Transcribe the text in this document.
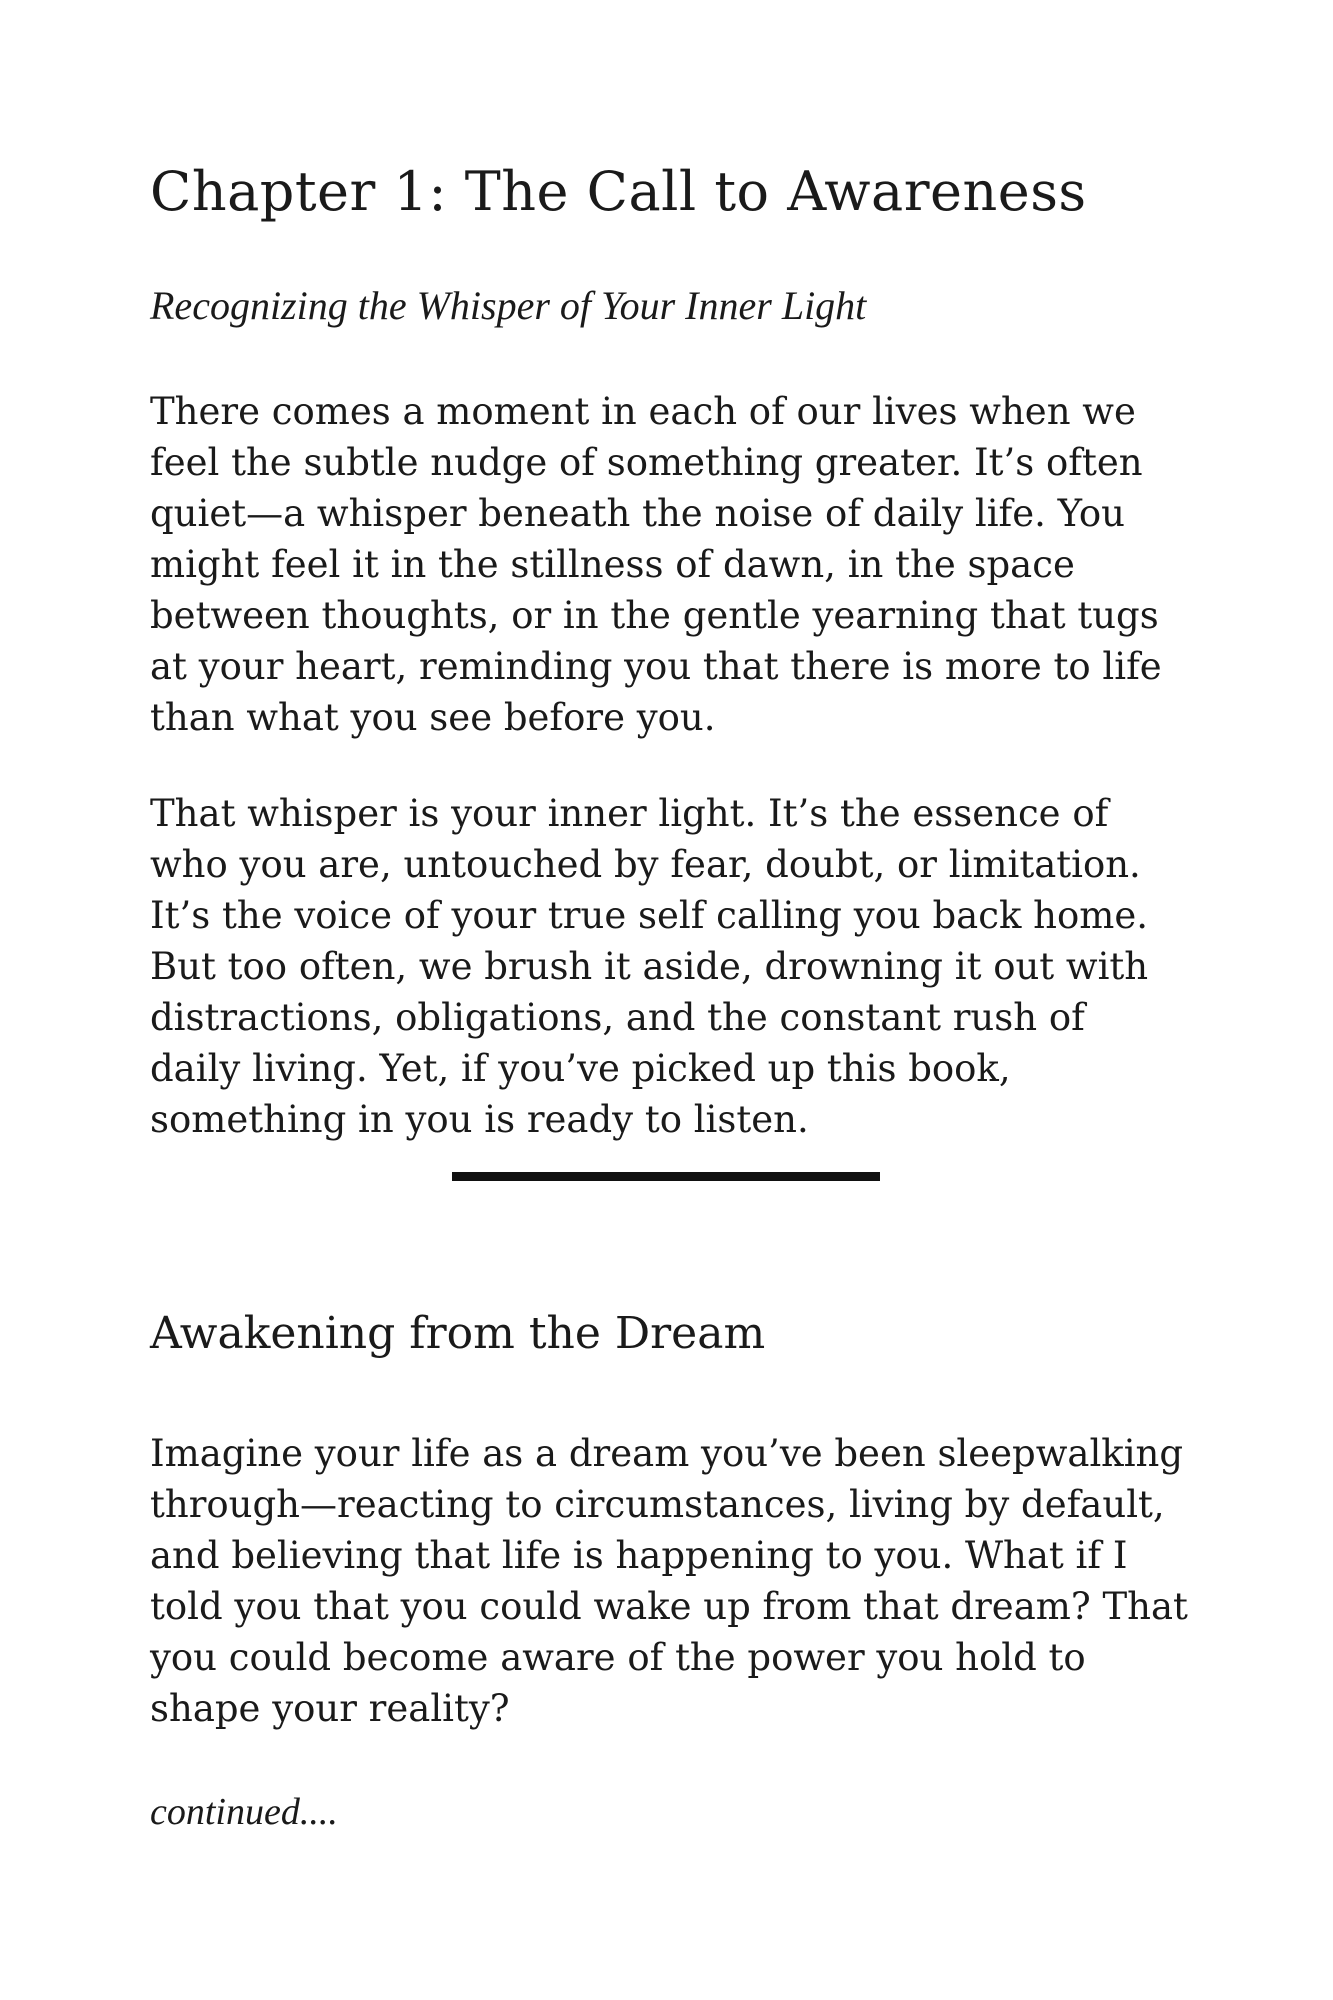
Chapter 1: The Call to Awareness
Recognizing the Whisper of Your Inner Light

There comes a moment in each of our lives when we
feel the subtle nudge of something greater. It’s often
quiet—a whisper beneath the noise of daily life. You
might feel it in the stillness of dawn, in the space
between thoughts, or in the gentle yearning that tugs
at your heart, reminding you that there is more to life
than what you see before you.

That whisper is your inner light. It’s the essence of
who you are, untouched by fear, doubt, or limitation.
It’s the voice of your true self calling you back home.
But too often, we brush it aside, drowning it out with
distractions, obligations, and the constant rush of
daily living. Yet, if you’ve picked up this book,
something in you is ready to listen.

Awakening from the Dream

Imagine your life as a dream you’ve been sleepwalking
through—reacting to circumstances, living by default,
and believing that life is happening to you. What if I
told you that you could wake up from that dream? That
you could become aware of the power you hold to
shape your reality?

continued....
